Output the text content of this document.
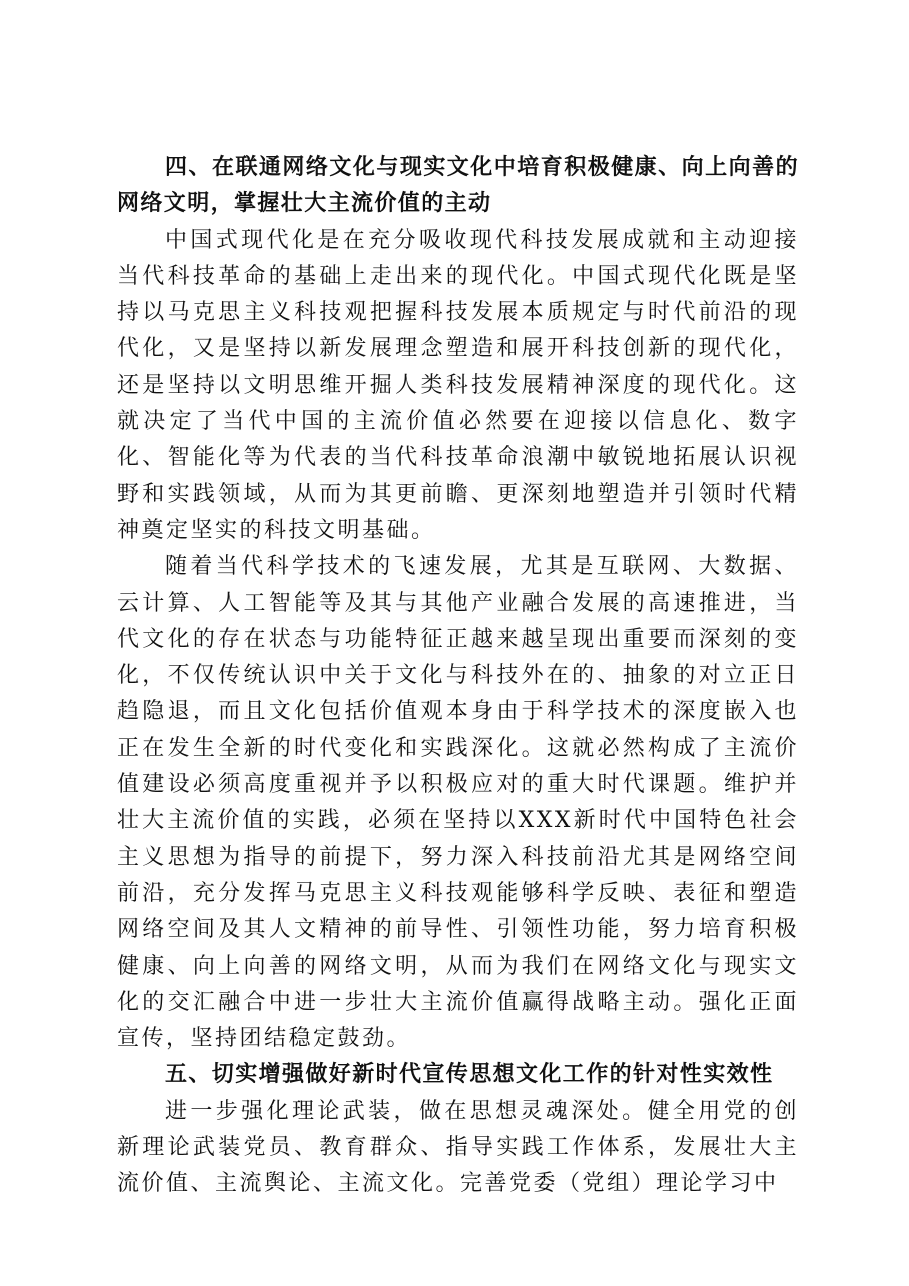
四、在联通网络文化与现实文化中培育积极健康、向上向善的网络文明，掌握壮大主流价值的主动

中国式现代化是在充分吸收现代科技发展成就和主动迎接当代科技革命的基础上走出来的现代化。中国式现代化既是坚持以马克思主义科技观把握科技发展本质规定与时代前沿的现代化，又是坚持以新发展理念塑造和展开科技创新的现代化，还是坚持以文明思维开掘人类科技发展精神深度的现代化。这就决定了当代中国的主流价值必然要在迎接以信息化、数字化、智能化等为代表的当代科技革命浪潮中敏锐地拓展认识视野和实践领域，从而为其更前瞻、更深刻地塑造并引领时代精神奠定坚实的科技文明基础。

随着当代科学技术的飞速发展，尤其是互联网、大数据、云计算、人工智能等及其与其他产业融合发展的高速推进，当代文化的存在状态与功能特征正越来越呈现出重要而深刻的变化，不仅传统认识中关于文化与科技外在的、抽象的对立正日趋隐退，而且文化包括价值观本身由于科学技术的深度嵌入也正在发生全新的时代变化和实践深化。这就必然构成了主流价值建设必须高度重视并予以积极应对的重大时代课题。维护并壮大主流价值的实践，必须在坚持以XXX新时代中国特色社会主义思想为指导的前提下，努力深入科技前沿尤其是网络空间前沿，充分发挥马克思主义科技观能够科学反映、表征和塑造网络空间及其人文精神的前导性、引领性功能，努力培育积极健康、向上向善的网络文明，从而为我们在网络文化与现实文化的交汇融合中进一步壮大主流价值赢得战略主动。强化正面宣传，坚持团结稳定鼓劲。

五、切实增强做好新时代宣传思想文化工作的针对性实效性

进一步强化理论武装，做在思想灵魂深处。健全用党的创新理论武装党员、教育群众、指导实践工作体系，发展壮大主流价值、主流舆论、主流文化。完善党委（党组）理论学习中
